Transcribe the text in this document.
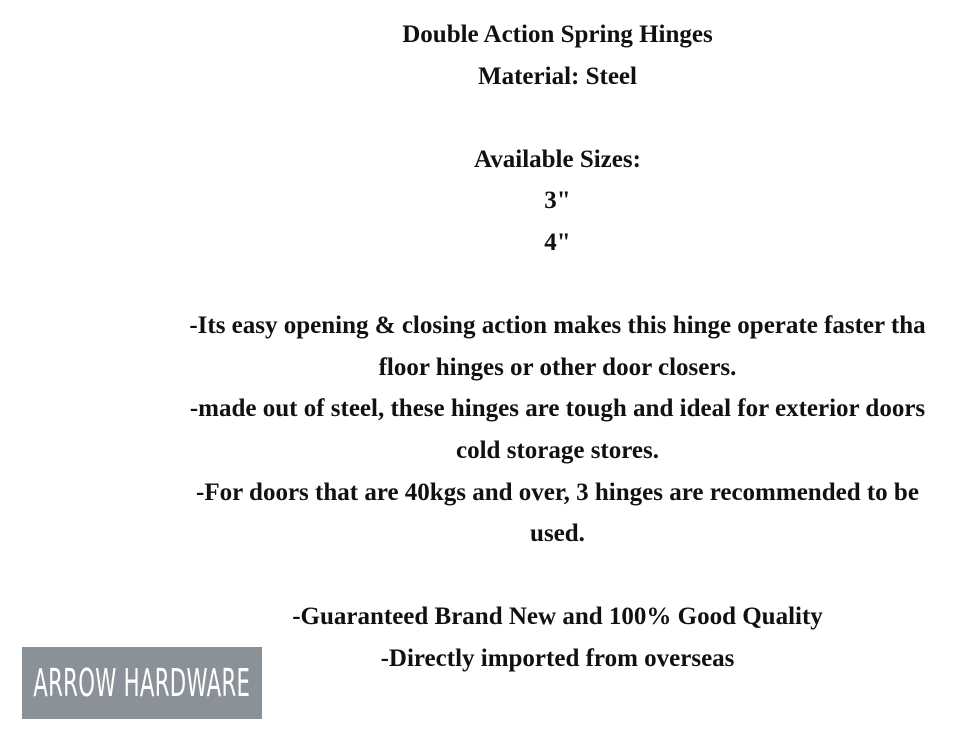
Double Action Spring Hinges
Material: Steel
Available Sizes:
3"
4"
-Its easy opening & closing action makes this hinge operate faster tha
floor hinges or other door closers.
-made out of steel, these hinges are tough and ideal for exterior doors
cold storage stores.
-For doors that are 40kgs and over, 3 hinges are recommended to be
used.
-Guaranteed Brand New and 100% Good Quality
-Directly imported from overseas
ARROW HARDWARE
